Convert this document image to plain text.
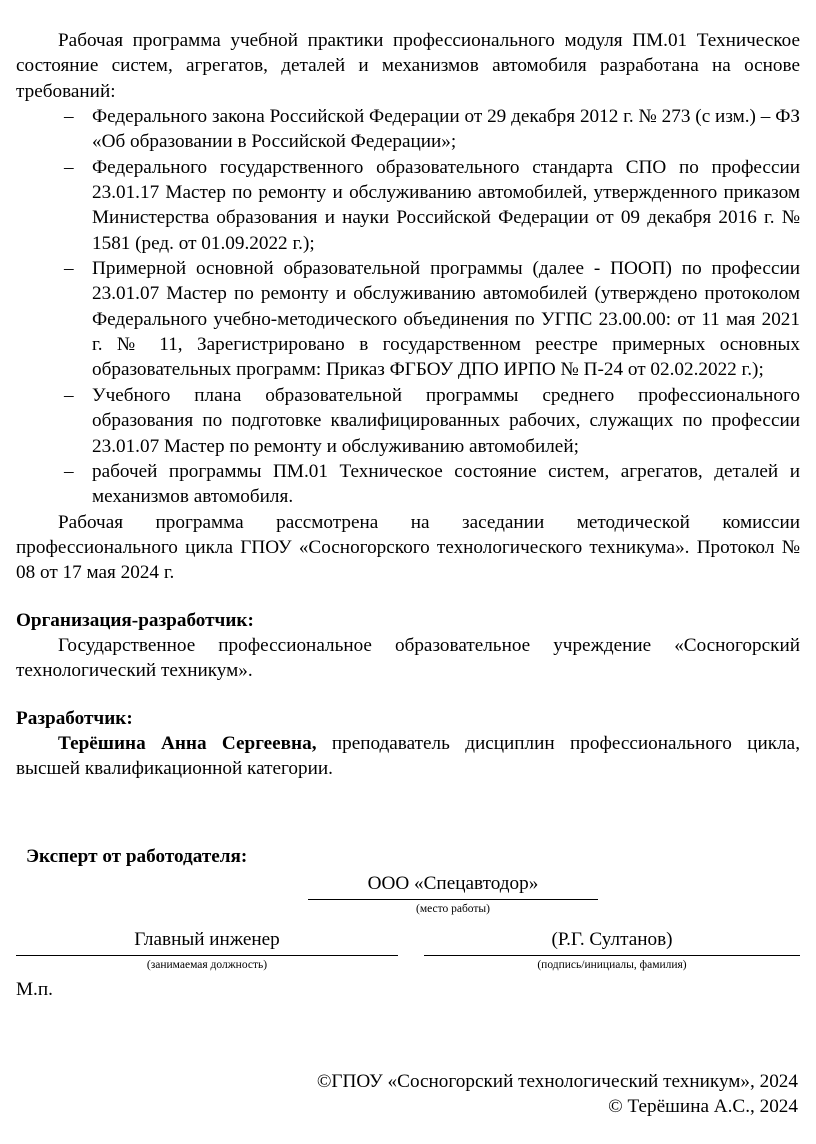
Рабочая программа учебной практики профессионального модуля ПМ.01 Техническое состояние систем, агрегатов, деталей и механизмов автомобиля разработана на основе требований:

– Федерального закона Российской Федерации от 29 декабря 2012 г. № 273 (с изм.) – ФЗ «Об образовании в Российской Федерации»;
– Федерального государственного образовательного стандарта СПО по профессии 23.01.17 Мастер по ремонту и обслуживанию автомобилей, утвержденного приказом Министерства образования и науки Российской Федерации от 09 декабря 2016 г. № 1581 (ред. от 01.09.2022 г.);
– Примерной основной образовательной программы (далее - ПООП) по профессии 23.01.07 Мастер по ремонту и обслуживанию автомобилей (утверждено протоколом Федерального учебно-методического объединения по УГПС 23.00.00: от 11 мая 2021 г. № 11, Зарегистрировано в государственном реестре примерных основных образовательных программ: Приказ ФГБОУ ДПО ИРПО № П-24 от 02.02.2022 г.);
– Учебного плана образовательной программы среднего профессионального образования по подготовке квалифицированных рабочих, служащих по профессии 23.01.07 Мастер по ремонту и обслуживанию автомобилей;
– рабочей программы ПМ.01 Техническое состояние систем, агрегатов, деталей и механизмов автомобиля.

Рабочая программа рассмотрена на заседании методической комиссии профессионального цикла ГПОУ «Сосногорского технологического техникума». Протокол № 08 от 17 мая 2024 г.

Организация-разработчик:

Государственное профессиональное образовательное учреждение «Сосногорский технологический техникум».

Разработчик:

Терёшина Анна Сергеевна, преподаватель дисциплин профессионального цикла, высшей квалификационной категории.

Эксперт от работодателя:
ООО «Спецавтодор»
(место работы)
Главный инженер
(занимаемая должность)
(Р.Г. Султанов)
(подпись/инициалы, фамилия)
М.п.
©ГПОУ «Сосногорский технологический техникум», 2024
© Терёшина А.С., 2024
